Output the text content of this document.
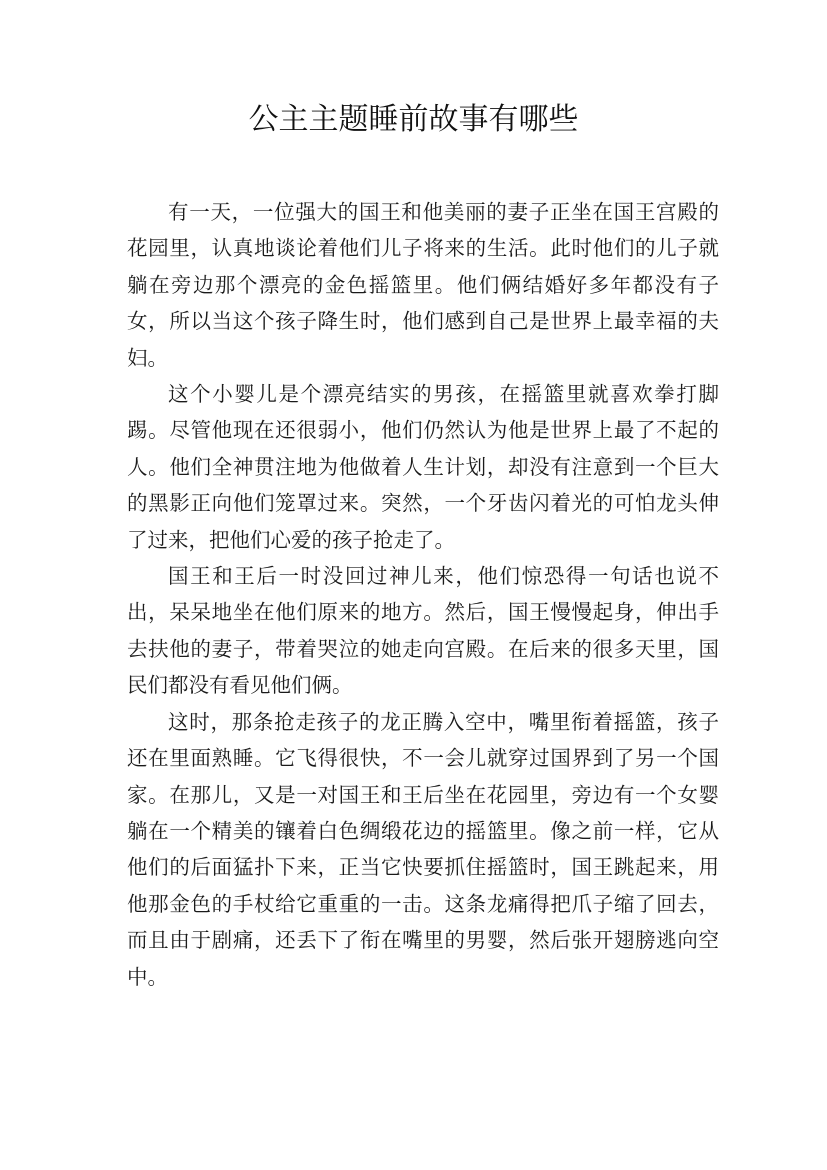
公主主题睡前故事有哪些

有一天，一位强大的国王和他美丽的妻子正坐在国王宫殿的花园里，认真地谈论着他们儿子将来的生活。此时他们的儿子就躺在旁边那个漂亮的金色摇篮里。他们俩结婚好多年都没有子女，所以当这个孩子降生时，他们感到自己是世界上最幸福的夫妇。

这个小婴儿是个漂亮结实的男孩，在摇篮里就喜欢拳打脚踢。尽管他现在还很弱小，他们仍然认为他是世界上最了不起的人。他们全神贯注地为他做着人生计划，却没有注意到一个巨大的黑影正向他们笼罩过来。突然，一个牙齿闪着光的可怕龙头伸了过来，把他们心爱的孩子抢走了。

国王和王后一时没回过神儿来，他们惊恐得一句话也说不出，呆呆地坐在他们原来的地方。然后，国王慢慢起身，伸出手去扶他的妻子，带着哭泣的她走向宫殿。在后来的很多天里，国民们都没有看见他们俩。

这时，那条抢走孩子的龙正腾入空中，嘴里衔着摇篮，孩子还在里面熟睡。它飞得很快，不一会儿就穿过国界到了另一个国家。在那儿，又是一对国王和王后坐在花园里，旁边有一个女婴躺在一个精美的镶着白色绸缎花边的摇篮里。像之前一样，它从他们的后面猛扑下来，正当它快要抓住摇篮时，国王跳起来，用他那金色的手杖给它重重的一击。这条龙痛得把爪子缩了回去，而且由于剧痛，还丢下了衔在嘴里的男婴，然后张开翅膀逃向空中。
